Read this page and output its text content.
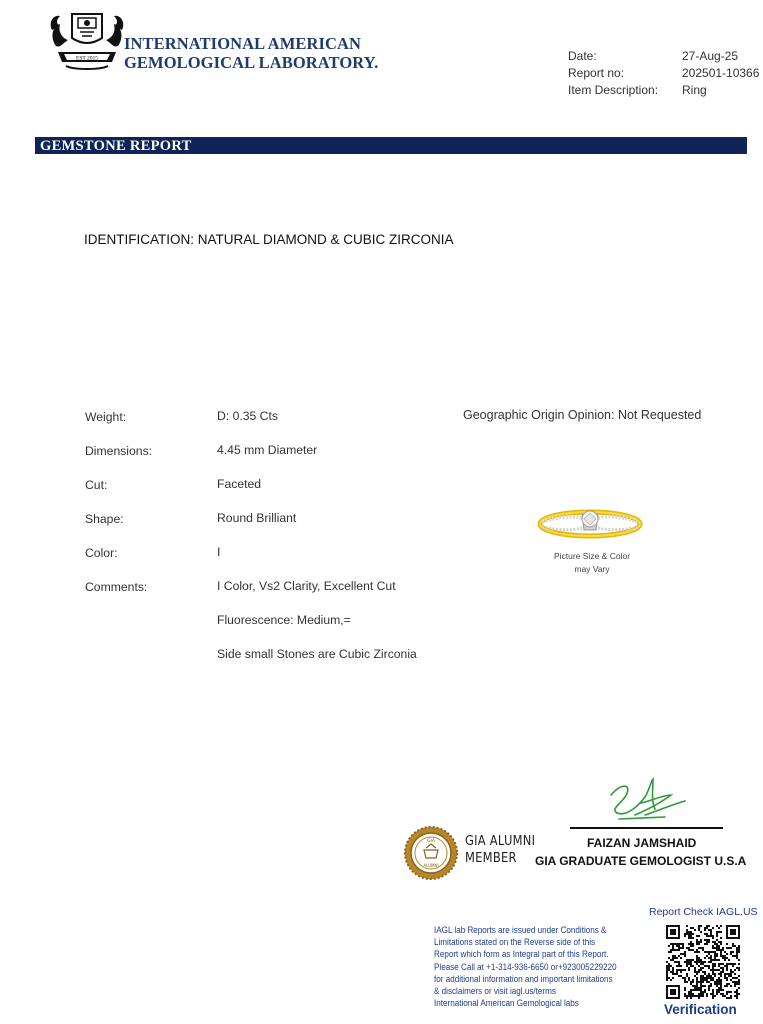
EST 2015
INTERNATIONAL AMERICAN
GEMOLOGICAL LABORATORY.	Date:	27-Aug-25
Report no:	202501-10366
Item Description: Ring
GEMSTONE REPORT
IDENTIFICATION: NATURAL DIAMOND & CUBIC ZIRCONIA
Weight:	D: 0.35 Cts
Dimensions:	4.45 mm Diameter
Cut:	Faceted
Shape:	Round Brilliant
Color:	I
Comments:	I Color, Vs2 Clarity, Excellent Cut
Fluorescence: Medium,=
Side small Stones are Cubic Zirconia
Geographic Origin Opinion: Not Requested
Picture Size & Color
may Vary
FAIZAN JAMSHAID
GIA GRADUATE GEMOLOGIST U.S.A
GIA
ALUMNI
GIA ALUMNI
MEMBER
Report Check IAGL.US
IAGL lab Reports are issued under Conditions &
Limitations stated on the Reverse side of this
Report which form as Integral part of this Report.
Please Call at +1-314-936-6650 or+923005229220
for additional information and important limitations
& disclaimers or visit iagl.us/terms
International American Gemological labs	Verification
